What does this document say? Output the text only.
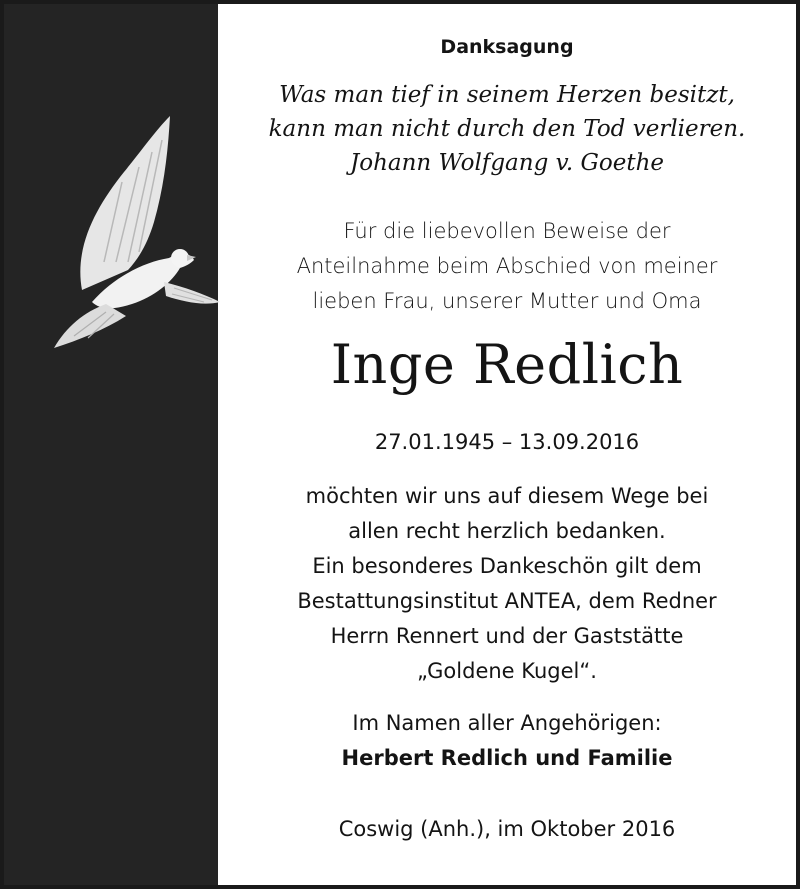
Danksagung
Was man tief in seinem Herzen besitzt,
kann man nicht durch den Tod verlieren.
Johann Wolfgang v. Goethe
Für die liebevollen Beweise der
Anteilnahme beim Abschied von meiner
lieben Frau, unserer Mutter und Oma
Inge Redlich
27.01.1945 – 13.09.2016
möchten wir uns auf diesem Wege bei
allen recht herzlich bedanken.
Ein besonderes Dankeschön gilt dem
Bestattungsinstitut ANTEA, dem Redner
Herrn Rennert und der Gaststätte
„Goldene Kugel“.
Im Namen aller Angehörigen:
Herbert Redlich und Familie
Coswig (Anh.), im Oktober 2016
